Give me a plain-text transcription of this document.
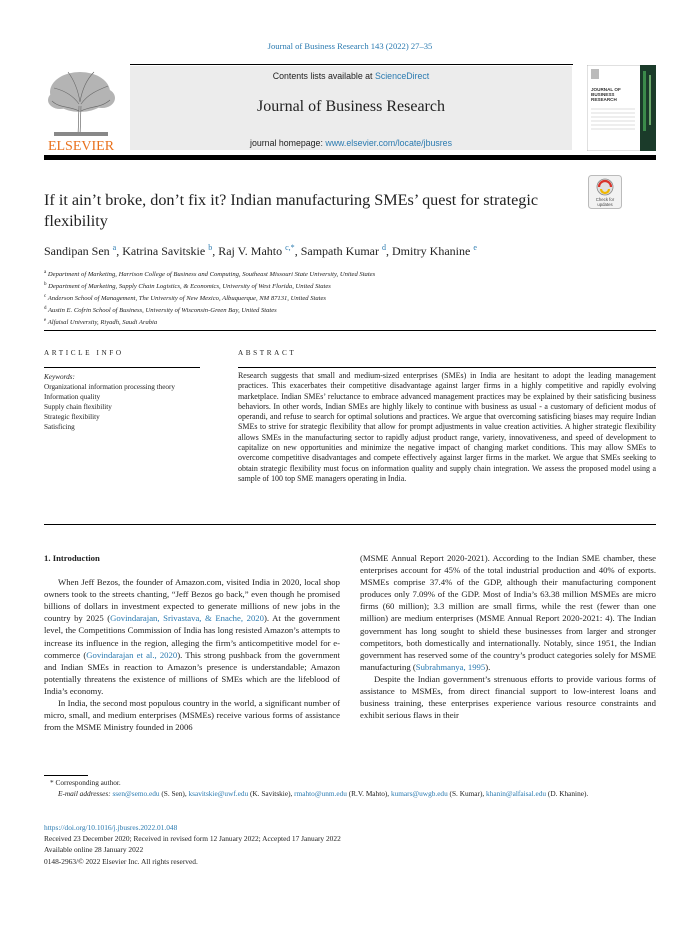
Journal of Business Research 143 (2022) 27–35
ELSEVIER
Contents lists available at ScienceDirect
Journal of Business Research
journal homepage: www.elsevier.com/locate/jbusres
JOURNAL OF
BUSINESS
RESEARCH
If it ain’t broke, don’t fix it? Indian manufacturing SMEs’ quest for strategic flexibility
Check for
updates
Sandipan Sen $^a$, Katrina Savitskie $^b$, Raj V. Mahto $^{c,*}$, Sampath Kumar $^d$, Dmitry Khanine $^e$
$^a$ Department of Marketing, Harrison College of Business and Computing, Southeast Missouri State University, United States
$^b$ Department of Marketing, Supply Chain Logistics, & Economics, University of West Florida, United States
$^c$ Anderson School of Management, The University of New Mexico, Albuquerque, NM 87131, United States
$^d$ Austin E. Cofrin School of Business, University of Wisconsin-Green Bay, United States
$^e$ Alfaisal University, Riyadh, Saudi Arabia
ARTICLE INFO	ABSTRACT
Keywords:
Organizational information processing theory
Information quality
Supply chain flexibility
Strategic flexibility
Satisficing
Research suggests that small and medium-sized enterprises (SMEs) in India are hesitant to adopt the leading management practices. This exacerbates their competitive disadvantage against larger firms in a highly competitive and rapidly evolving marketplace. Indian SMEs’ reluctance to embrace advanced management practices may be explained by their satisficing business behaviors. In other words, Indian SMEs are highly likely to continue with business as usual - a customary of deficient modus of operandi, and refuse to search for optimal solutions and practices. We argue that overcoming satisficing biases may require Indian SMEs to strive for strategic flexibility that allow for prompt adjustments in value creation activities. A higher strategic flexibility allows SMEs in the manufacturing sector to rapidly adjust product range, variety, innovativeness, and speed of development to capitalize on new opportunities and minimize the negative impact of changing market conditions. This may allow SMEs to overcome competitive disadvantages and compete effectively against larger firms in the market. We argue that SMEs seeking to obtain strategic flexibility must focus on information quality and supply chain integration. We assess the proposed model using a sample of 100 top SME managers operating in India.
1. Introduction

When Jeff Bezos, the founder of Amazon.com, visited India in 2020, local shop owners took to the streets chanting, “Jeff Bezos go back,” even though he promised billions of dollars in investment expected to generate millions of new jobs in the country by 2025 (Govindarajan, Srivastava, & Enache, 2020). At the government level, the Competitions Commission of India has long resisted Amazon’s attempts to increase its influence in the region, alleging the firm’s anticompetitive model for e-commerce (Govindarajan et al., 2020). This strong pushback from the government and Indian SMEs in reaction to Amazon’s presence is understandable; Amazon potentially threatens the existence of millions of SMEs which are the lifeblood of India’s economy.

In India, the second most populous country in the world, a significant number of micro, small, and medium enterprises (MSMEs) receive various forms of assistance from the MSME Ministry founded in 2006

(MSME Annual Report 2020-2021). According to the Indian SME chamber, these enterprises account for 45% of the total industrial production and 40% of exports. MSMEs comprise 37.4% of the GDP, although their manufacturing component produces only 7.09% of the GDP. Most of India’s 63.38 million MSMEs are micro firms (60 million); 3.3 million are small firms, while the rest (fewer than one million) are medium enterprises (MSME Annual Report 2020-2021: 4). The Indian government has long sought to shield these businesses from larger and stronger competitors, both domestically and internationally. Notably, since 1951, the Indian government has reserved some of the country’s product categories solely for MSME manufacturing (Subrahmanya, 1995).

Despite the Indian government’s strenuous efforts to provide various forms of assistance to MSMEs, from direct financial support to low-interest loans and business training, these enterprises experience various resource constraints and exhibit serious flaws in their

* Corresponding author.
E-mail addresses: ssen@semo.edu (S. Sen), ksavitskie@uwf.edu (K. Savitskie), rmahto@unm.edu (R.V. Mahto), kumars@uwgb.edu (S. Kumar), khanin@alfaisal.edu (D. Khanine).
https://doi.org/10.1016/j.jbusres.2022.01.048
Received 23 December 2020; Received in revised form 12 January 2022; Accepted 17 January 2022
Available online 28 January 2022
0148-2963/© 2022 Elsevier Inc. All rights reserved.
